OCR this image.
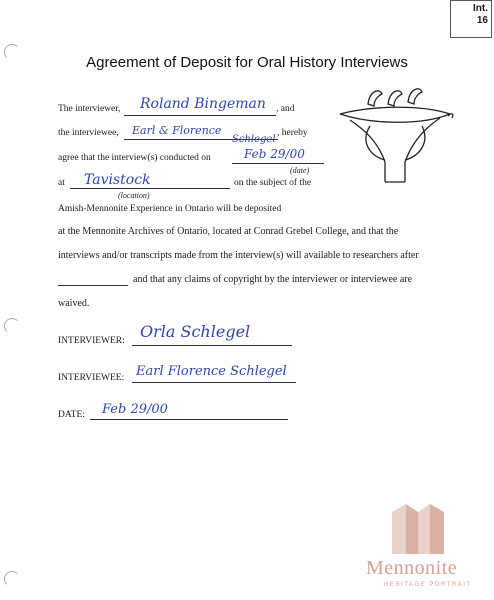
Int.
16
Agreement of Deposit for Oral History Interviews
The interviewer, Roland Bingeman , and
the interviewee, Earl & Florence
Schlegel
, hereby
agree that the interview(s) conducted on	Feb 29/00
(date)
at Tavistock
(location)
on the subject of the
Amish-Mennonite Experience in Ontario will be deposited
at the Mennonite Archives of Ontario, located at Conrad Grebel College, and that the
interviews and/or transcripts made from the interview(s) will available to researchers after
and that any claims of copyright by the interviewer or interviewee are
waived.
INTERVIEWER: Orla Schlegel
INTERVIEWEE: Earl Florence Schlegel
DATE: Feb 29/00
Mennonite
HERITAGE PORTRAIT
